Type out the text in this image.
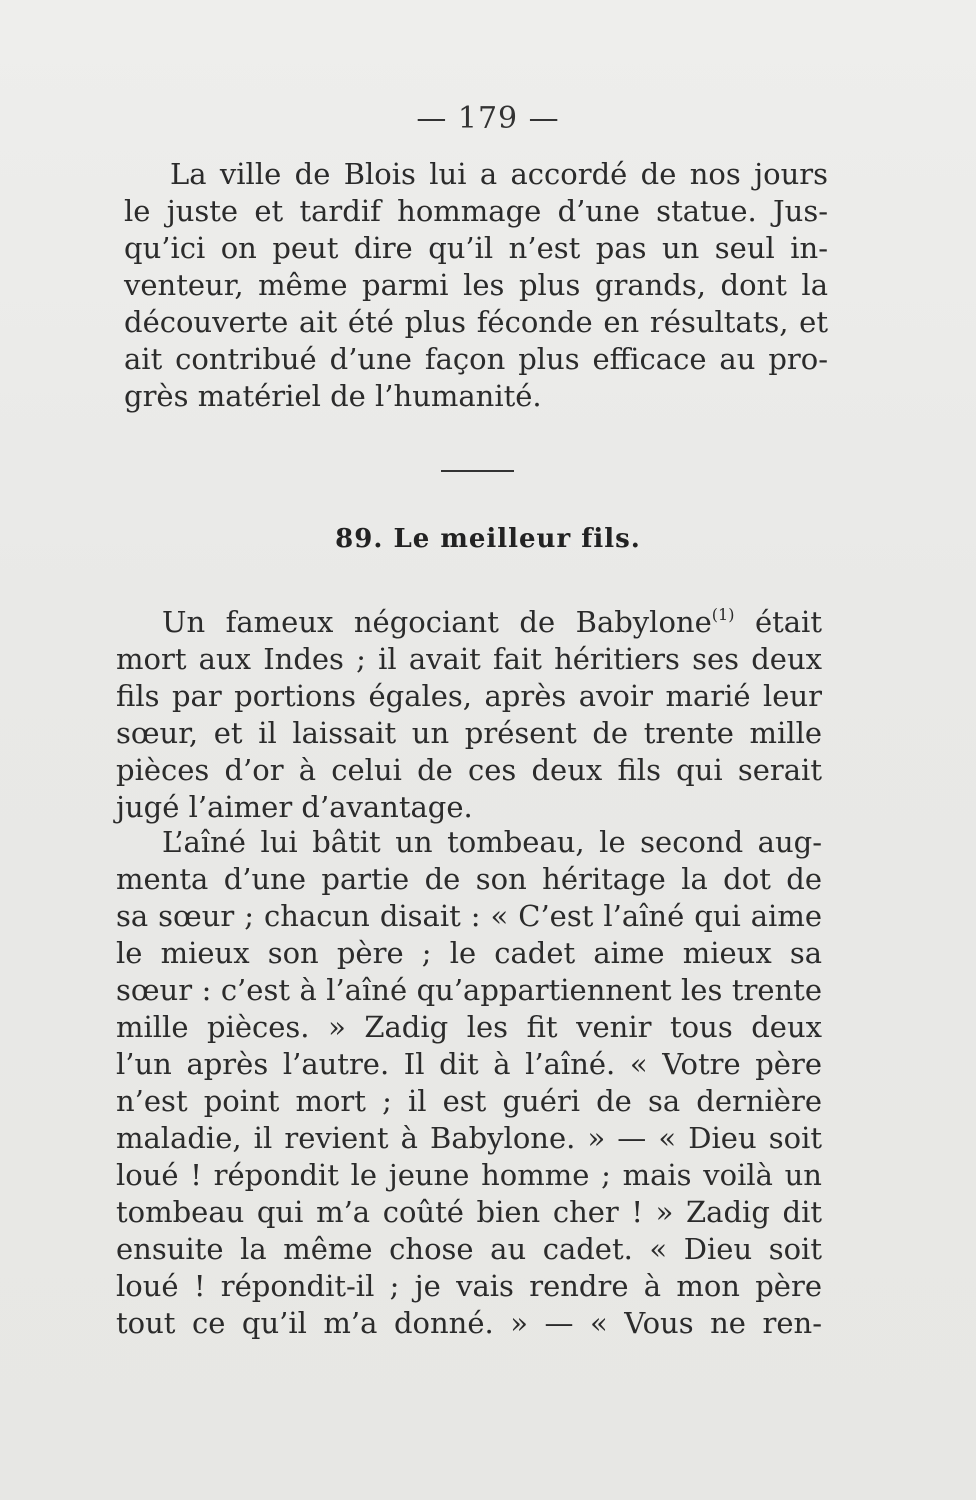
— 179 —
La ville de Blois lui a accordé de nos jours
le juste et tardif hommage d’une statue. Jus-
qu’ici on peut dire qu’il n’est pas un seul in-
venteur, même parmi les plus grands, dont la
découverte ait été plus féconde en résultats, et
ait contribué d’une façon plus efficace au pro-
grès matériel de l’humanité.
89. Le meilleur fils.
Un fameux négociant de Babylone$^{(1)}$ était
mort aux Indes ; il avait fait héritiers ses deux
fils par portions égales, après avoir marié leur
sœur, et il laissait un présent de trente mille
pièces d’or à celui de ces deux fils qui serait
jugé l’aimer d’avantage.
L’aîné lui bâtit un tombeau, le second aug-
menta d’une partie de son héritage la dot de
sa sœur ; chacun disait : « C’est l’aîné qui aime
le mieux son père ; le cadet aime mieux sa
sœur : c’est à l’aîné qu’appartiennent les trente
mille pièces. » Zadig les fit venir tous deux
l’un après l’autre. Il dit à l’aîné. « Votre père
n’est point mort ; il est guéri de sa dernière
maladie, il revient à Babylone. » — « Dieu soit
loué ! répondit le jeune homme ; mais voilà un
tombeau qui m’a coûté bien cher ! » Zadig dit
ensuite la même chose au cadet. « Dieu soit
loué ! répondit-il ; je vais rendre à mon père
tout ce qu’il m’a donné. » — « Vous ne ren-
